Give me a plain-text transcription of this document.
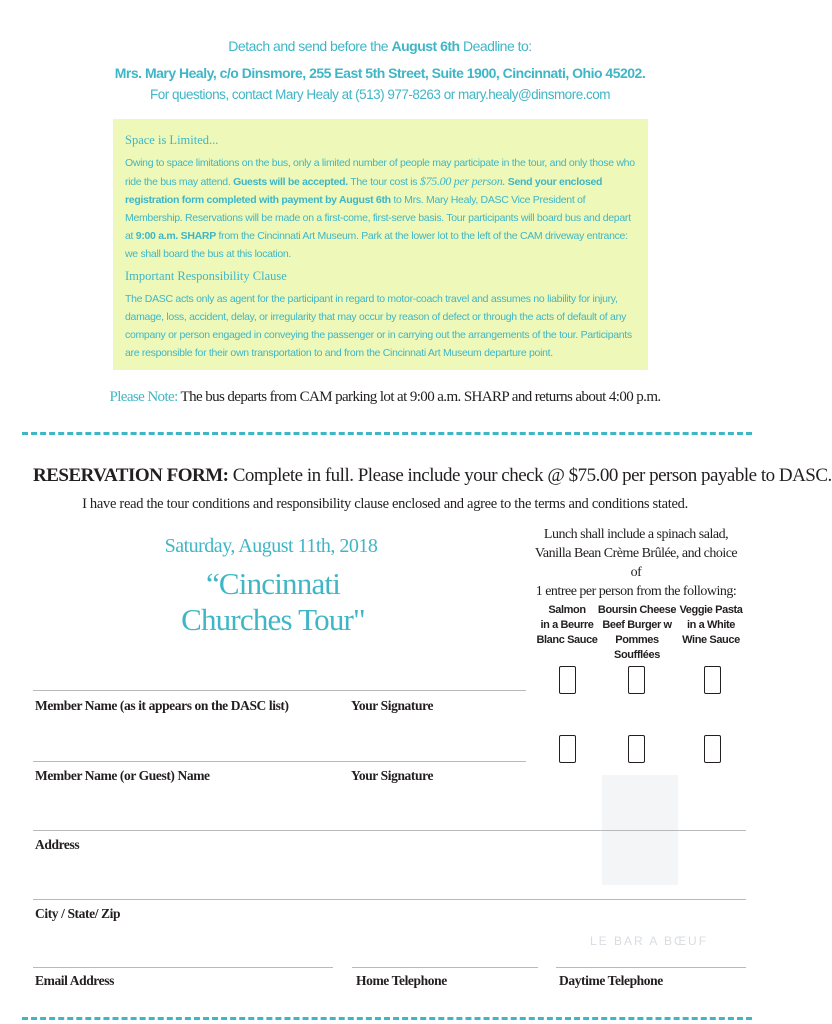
Detach and send before the August 6th Deadline to:
Mrs. Mary Healy, c/o Dinsmore, 255 East 5th Street, Suite 1900, Cincinnati, Ohio 45202.
For questions, contact Mary Healy at (513) 977-8263 or mary.healy@dinsmore.com
Space is Limited...

Owing to space limitations on the bus, only a limited number of people may participate in the tour, and only those who ride the bus may attend. Guests will be accepted. The tour cost is $75.00 per person. Send your enclosed registration form completed with payment by August 6th to Mrs. Mary Healy, DASC Vice President of Membership. Reservations will be made on a first-come, first-serve basis. Tour participants will board bus and depart at 9:00 a.m. SHARP from the Cincinnati Art Museum. Park at the lower lot to the left of the CAM driveway entrance: we shall board the bus at this location.

Important Responsibility Clause

The DASC acts only as agent for the participant in regard to motor-coach travel and assumes no liability for injury, damage, loss, accident, delay, or irregularity that may occur by reason of defect or through the acts of default of any company or person engaged in conveying the passenger or in carrying out the arrangements of the tour. Participants are responsible for their own transportation to and from the Cincinnati Art Museum departure point.

Please Note: The bus departs from CAM parking lot at 9:00 a.m. SHARP and returns about 4:00 p.m.
RESERVATION FORM: Complete in full. Please include your check @ $75.00 per person payable to DASC.
I have read the tour conditions and responsibility clause enclosed and agree to the terms and conditions stated.
Saturday, August 11th, 2018
“Cincinnati Churches Tour"
Lunch shall include a spinach salad,
Vanilla Bean Crème Brûlée, and choice of
1 entree per person from the following:
Salmon
in a Beurre
Blanc Sauce
Boursin Cheese
Beef Burger w
Pommes Soufflées
Veggie Pasta
in a White
Wine Sauce
LE BAR A BŒUF
Member Name (as it appears on the DASC list)	Your Signature
Member Name (or Guest) Name	Your Signature
Address
City / State/ Zip
Email Address	Home Telephone	Daytime Telephone
